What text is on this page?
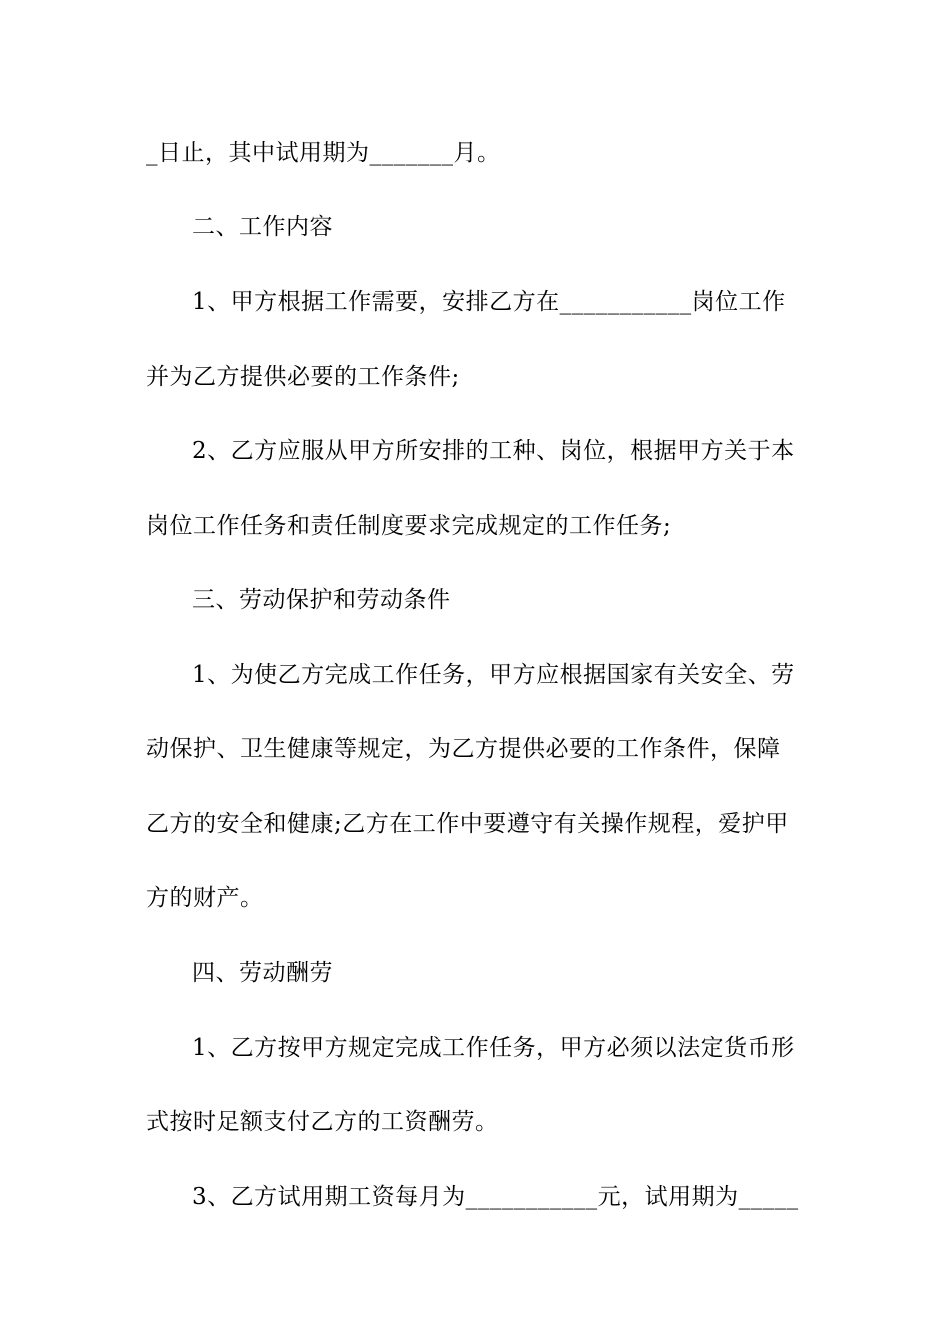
_日止，其中试用期为_______月。
二、工作内容
1、甲方根据工作需要，安排乙方在___________岗位工作
并为乙方提供必要的工作条件;
2、乙方应服从甲方所安排的工种、岗位，根据甲方关于本
岗位工作任务和责任制度要求完成规定的工作任务;
三、劳动保护和劳动条件
1、为使乙方完成工作任务，甲方应根据国家有关安全、劳
动保护、卫生健康等规定，为乙方提供必要的工作条件，保障
乙方的安全和健康;乙方在工作中要遵守有关操作规程，爱护甲
方的财产。
四、劳动酬劳
1、乙方按甲方规定完成工作任务，甲方必须以法定货币形
式按时足额支付乙方的工资酬劳。
3、乙方试用期工资每月为___________元，试用期为_____
